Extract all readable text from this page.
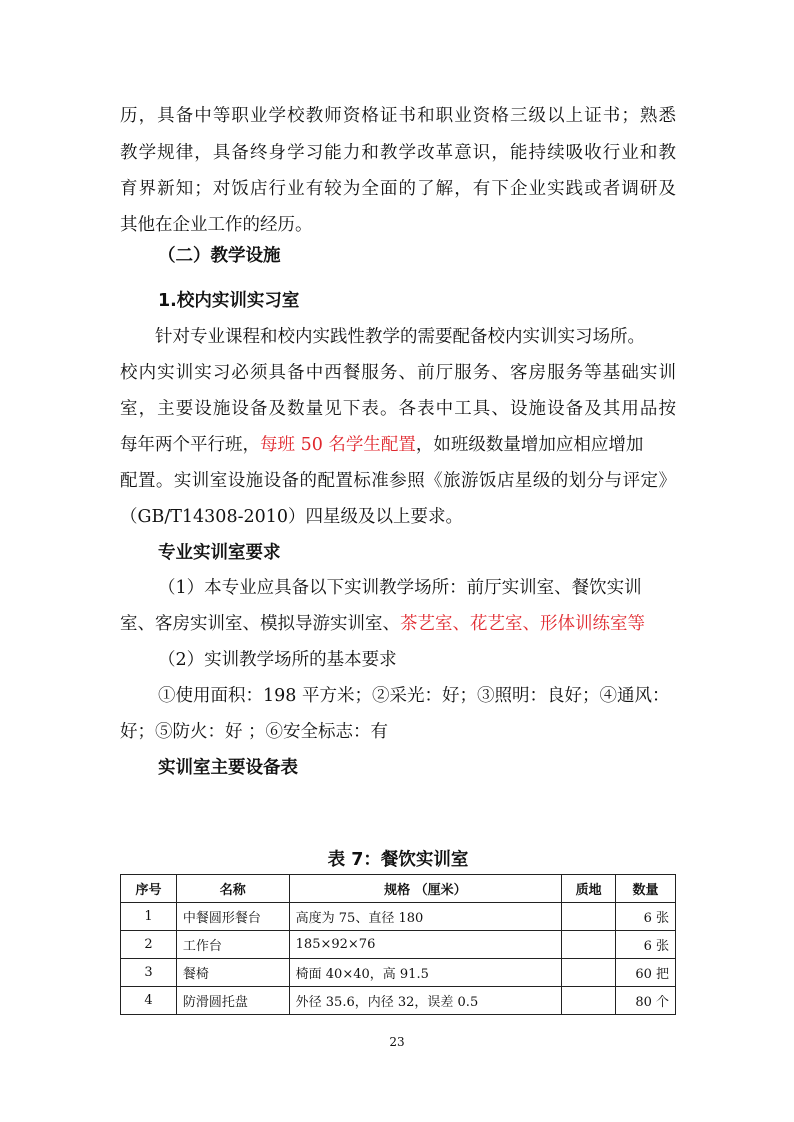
历，具备中等职业学校教师资格证书和职业资格三级以上证书；熟悉
教学规律，具备终身学习能力和教学改革意识，能持续吸收行业和教
育界新知；对饭店行业有较为全面的了解，有下企业实践或者调研及
其他在企业工作的经历。
（二）教学设施
1.校内实训实习室
针对专业课程和校内实践性教学的需要配备校内实训实习场所。
校内实训实习必须具备中西餐服务、前厅服务、客房服务等基础实训
室，主要设施设备及数量见下表。各表中工具、设施设备及其用品按
每年两个平行班，每班 50 名学生配置，如班级数量增加应相应增加
配置。实训室设施设备的配置标准参照《旅游饭店星级的划分与评定》
（GB/T14308-2010）四星级及以上要求。
专业实训室要求
（1）本专业应具备以下实训教学场所：前厅实训室、餐饮实训
室、客房实训室、模拟导游实训室、茶艺室、花艺室、形体训练室等
（2）实训教学场所的基本要求
①使用面积：198 平方米；②采光：好；③照明：良好；④通风：
好；⑤防火：好 ；⑥安全标志：有
实训室主要设备表
表 7：餐饮实训室
序号	名称	规格 （厘米）	质地	数量
1	中餐圆形餐台	高度为 75、直径 180		6 张
2	工作台	185×92×76		6 张
3	餐椅	椅面 40×40，高 91.5		60 把
4	防滑圆托盘	外径 35.6，内径 32，误差 0.5		80 个
23
